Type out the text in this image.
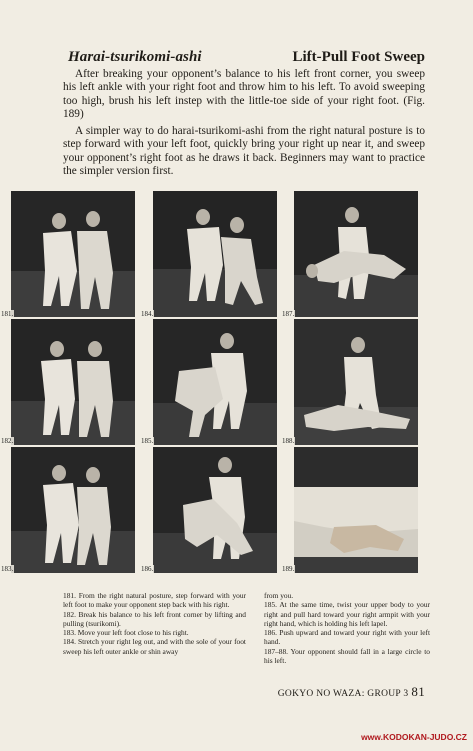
Harai-tsurikomi-ashi	Lift-Pull Foot Sweep
After breaking your opponent’s balance to his left front corner, you sweep his left ankle with your right foot and throw him to his left. To avoid sweeping too high, brush his left instep with the little-toe side of your right foot. (Fig. 189)
A simpler way to do harai-tsurikomi-ashi from the right natural posture is to step forward with your left foot, quickly bring your right up near it, and sweep your opponent’s right foot as he draws it back. Beginners may want to practice the simpler version first.
181.	184.	187.
182.	185.	188.
183.	186.	189.

181. From the right natural posture, step forward with your left foot to make your opponent step back with his right.

182. Break his balance to his left front corner by lifting and pulling (tsurikomi).

183. Move your left foot close to his right.

184. Stretch your right leg out, and with the sole of your foot sweep his left outer ankle or shin away

from you.

185. At the same time, twist your upper body to your right and pull hard toward your right armpit with your right hand, which is holding his left lapel.

186. Push upward and toward your right with your left hand.

187–88. Your opponent should fall in a large circle to his left.

GOKYO NO WAZA: GROUP 3 81
www.KODOKAN-JUDO.CZ
